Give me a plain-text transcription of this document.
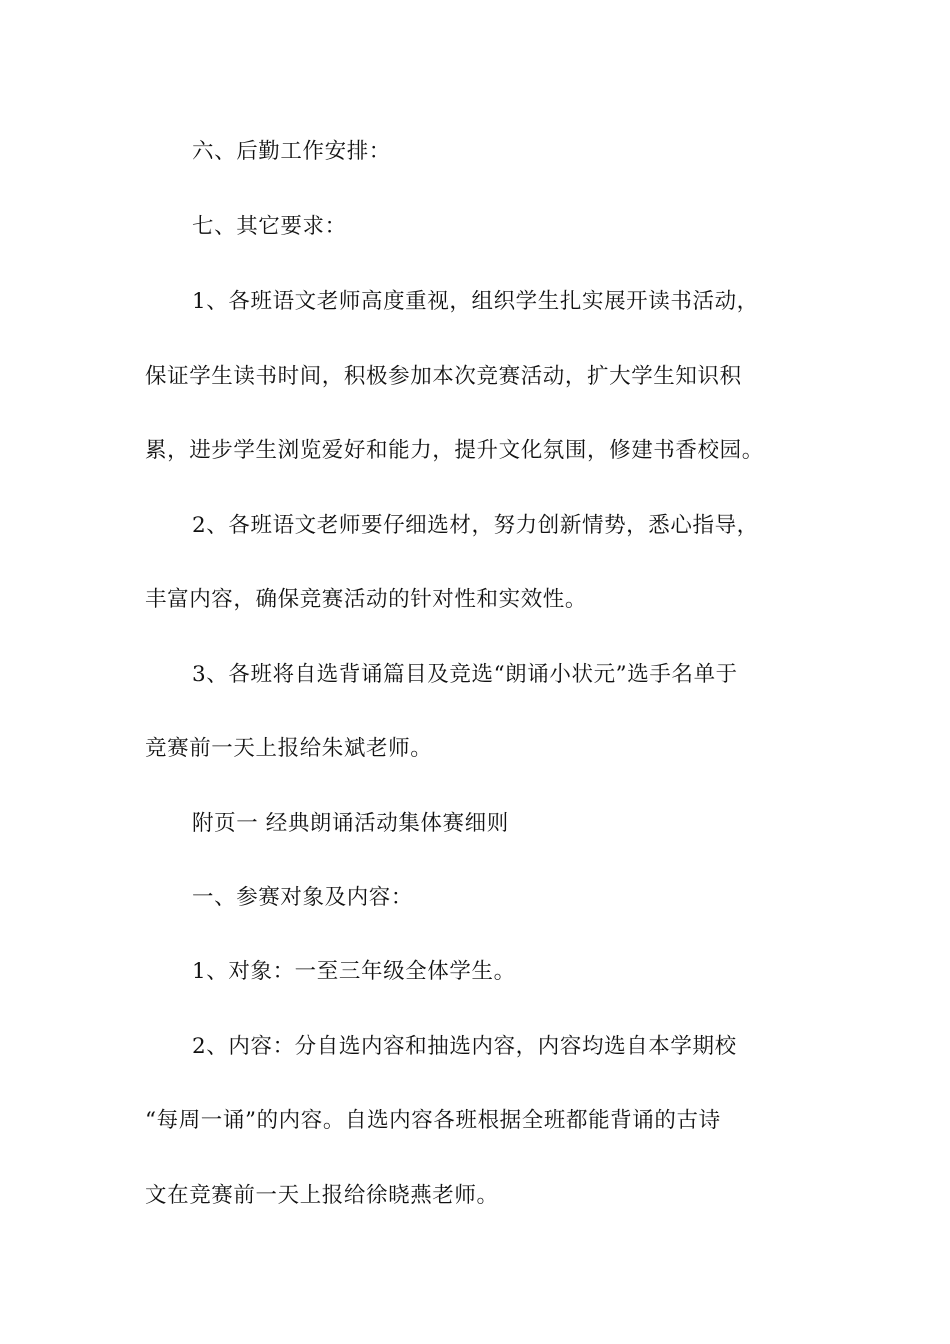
六、后勤工作安排：
七、其它要求：
1、各班语文老师高度重视，组织学生扎实展开读书活动，
保证学生读书时间，积极参加本次竞赛活动，扩大学生知识积
累，进步学生浏览爱好和能力，提升文化氛围，修建书香校园。
2、各班语文老师要仔细选材，努力创新情势，悉心指导，
丰富内容，确保竞赛活动的针对性和实效性。
3、各班将自选背诵篇目及竞选“朗诵小状元”选手名单于
竞赛前一天上报给朱斌老师。
附页一 经典朗诵活动集体赛细则
一、参赛对象及内容：
1、对象：一至三年级全体学生。
2、内容：分自选内容和抽选内容，内容均选自本学期校
“每周一诵”的内容。自选内容各班根据全班都能背诵的古诗
文在竞赛前一天上报给徐晓燕老师。
